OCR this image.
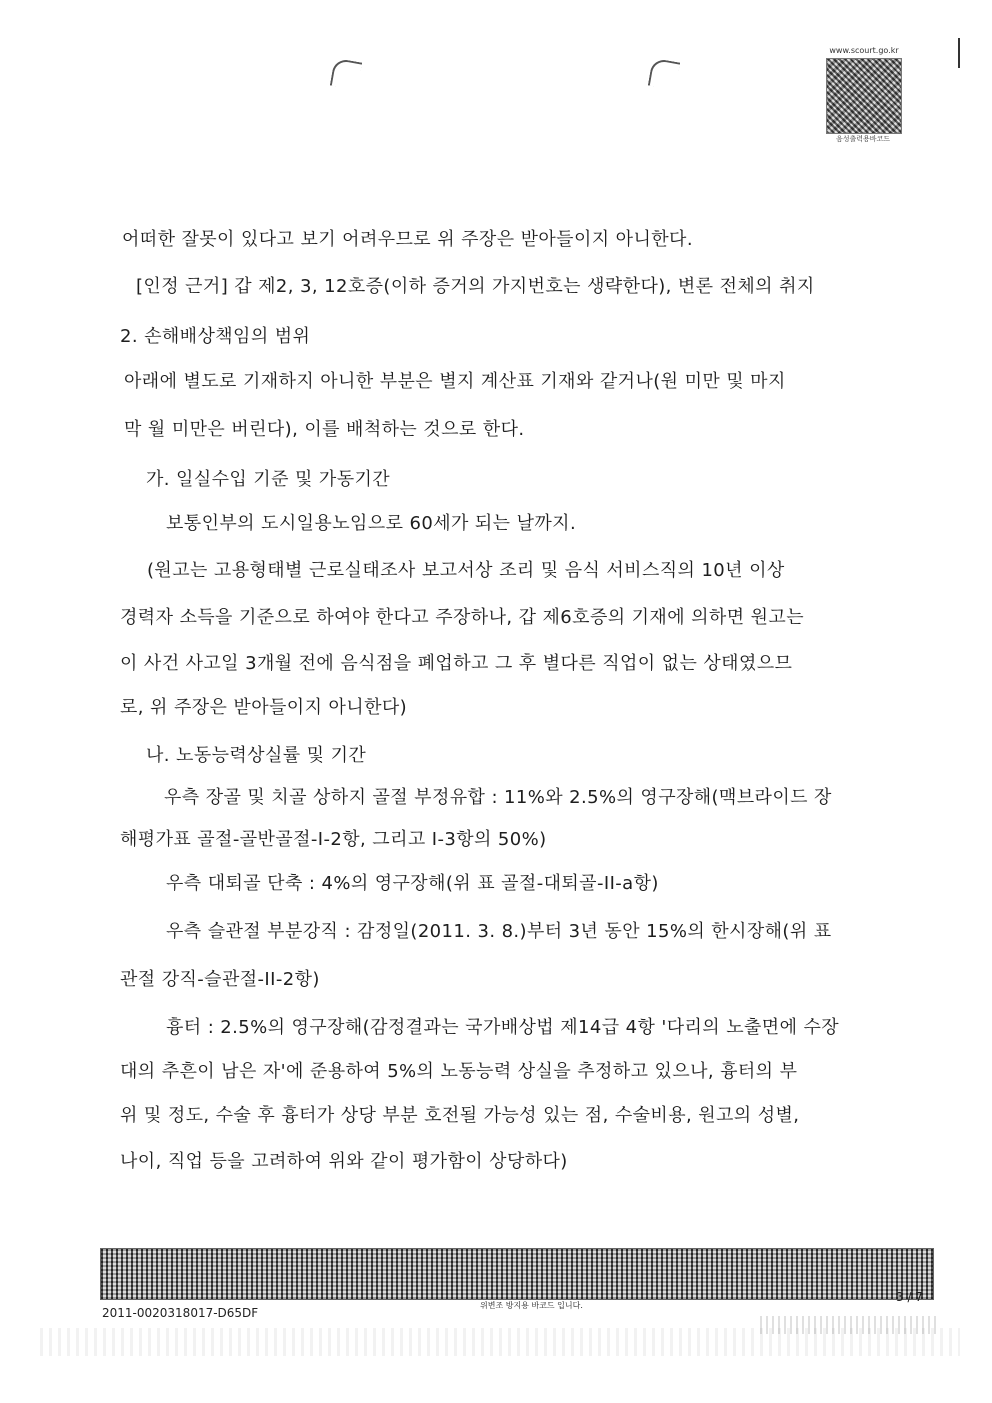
www.scourt.go.kr
음성출력용바코드
어떠한 잘못이 있다고 보기 어려우므로 위 주장은 받아들이지 아니한다.
[인정 근거] 갑 제2, 3, 12호증(이하 증거의 가지번호는 생략한다), 변론 전체의 취지
2. 손해배상책임의 범위
아래에 별도로 기재하지 아니한 부분은 별지 계산표 기재와 같거나(원 미만 및 마지
막 월 미만은 버린다), 이를 배척하는 것으로 한다.
가. 일실수입 기준 및 가동기간
보통인부의 도시일용노임으로 60세가 되는 날까지.
(원고는 고용형태별 근로실태조사 보고서상 조리 및 음식 서비스직의 10년 이상
경력자 소득을 기준으로 하여야 한다고 주장하나, 갑 제6호증의 기재에 의하면 원고는
이 사건 사고일 3개월 전에 음식점을 폐업하고 그 후 별다른 직업이 없는 상태였으므
로, 위 주장은 받아들이지 아니한다)
나. 노동능력상실률 및 기간
우측 장골 및 치골 상하지 골절 부정유합 : 11%와 2.5%의 영구장해(맥브라이드 장
해평가표 골절-골반골절-I-2항, 그리고 I-3항의 50%)
우측 대퇴골 단축 : 4%의 영구장해(위 표 골절-대퇴골-II-a항)
우측 슬관절 부분강직 : 감정일(2011. 3. 8.)부터 3년 동안 15%의 한시장해(위 표
관절 강직-슬관절-II-2항)
흉터 : 2.5%의 영구장해(감정결과는 국가배상법 제14급 4항 '다리의 노출면에 수장
대의 추흔이 남은 자'에 준용하여 5%의 노동능력 상실을 추정하고 있으나, 흉터의 부
위 및 정도, 수술 후 흉터가 상당 부분 호전될 가능성 있는 점, 수술비용, 원고의 성별,
나이, 직업 등을 고려하여 위와 같이 평가함이 상당하다)
3 / 7
위변조 방지용 바코드 입니다.
2011-0020318017-D65DF
